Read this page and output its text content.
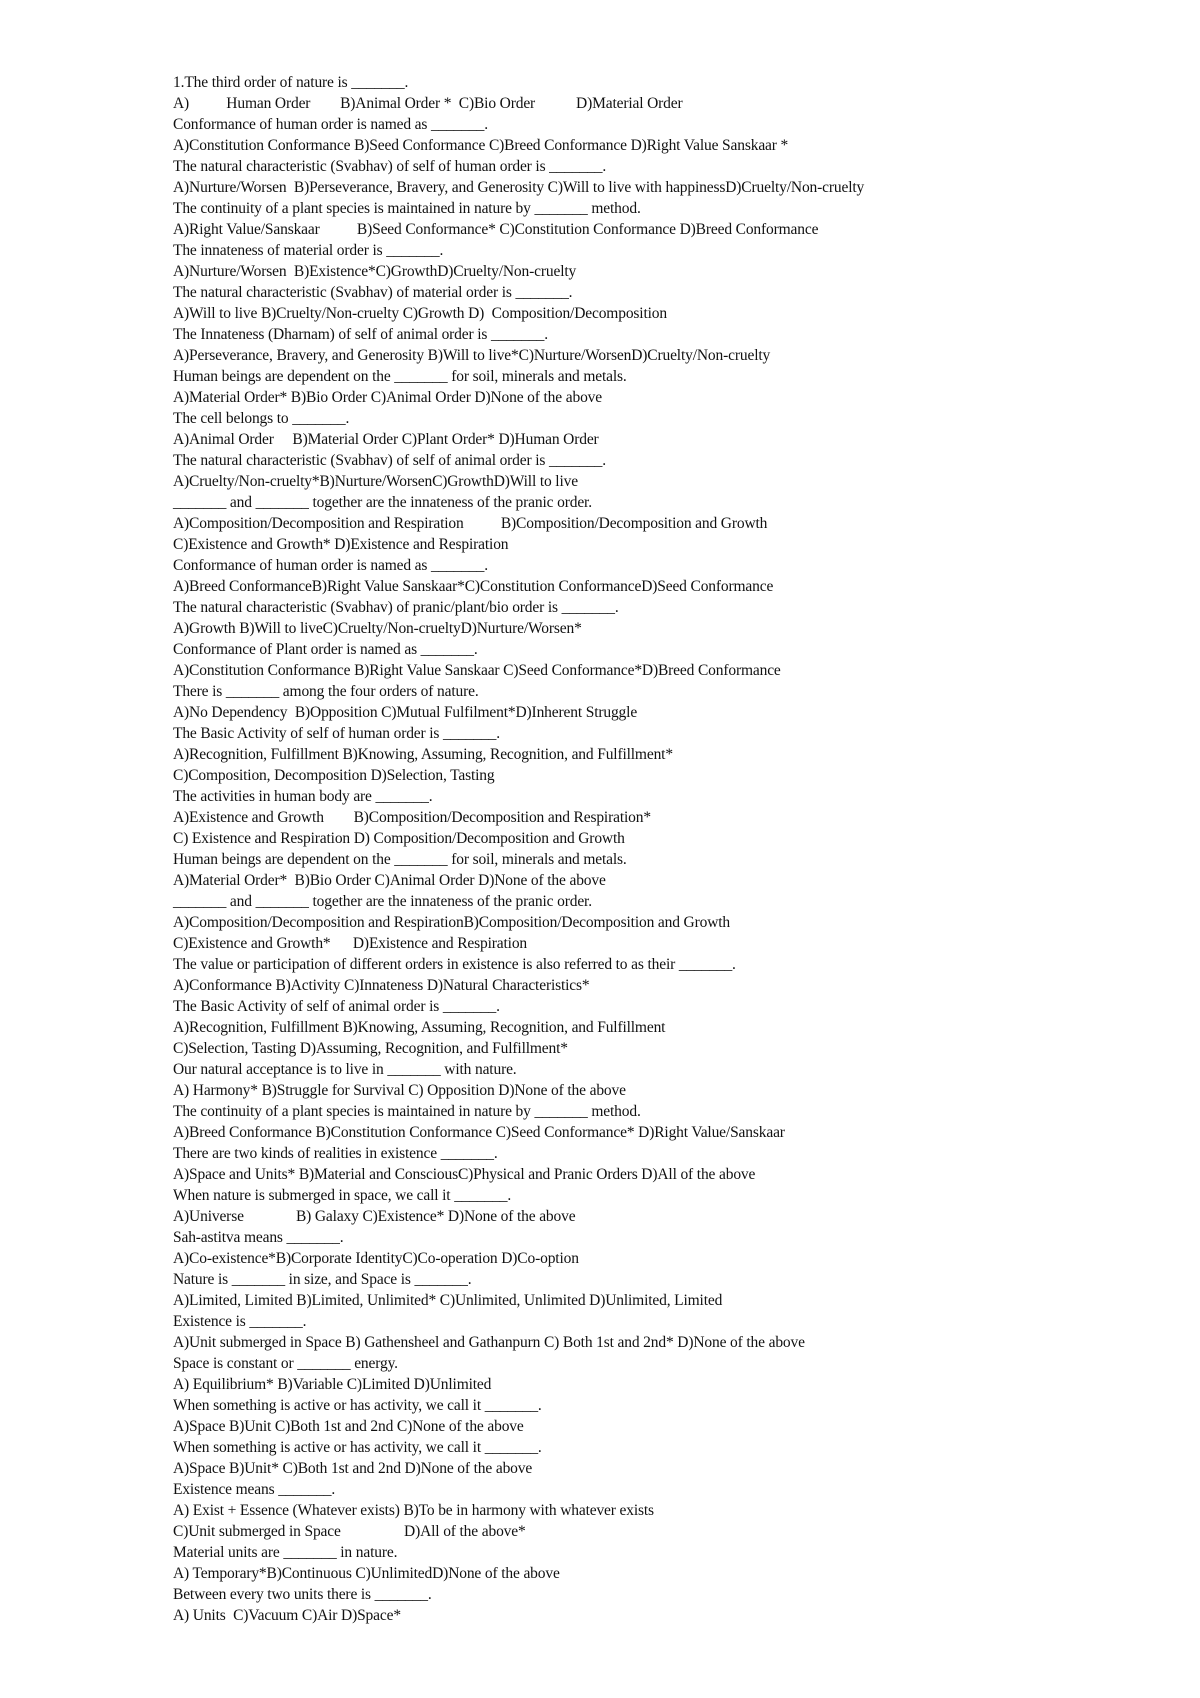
1.The third order of nature is _______.
A)          Human Order        B)Animal Order *  C)Bio Order           D)Material Order
Conformance of human order is named as _______.
A)Constitution Conformance B)Seed Conformance C)Breed Conformance D)Right Value Sanskaar *
The natural characteristic (Svabhav) of self of human order is _______.
A)Nurture/Worsen  B)Perseverance, Bravery, and Generosity C)Will to live with happinessD)Cruelty/Non-cruelty
The continuity of a plant species is maintained in nature by _______ method.
A)Right Value/Sanskaar          B)Seed Conformance* C)Constitution Conformance D)Breed Conformance
The innateness of material order is _______.
A)Nurture/Worsen  B)Existence*C)GrowthD)Cruelty/Non-cruelty
The natural characteristic (Svabhav) of material order is _______.
A)Will to live B)Cruelty/Non-cruelty C)Growth D)  Composition/Decomposition
The Innateness (Dharnam) of self of animal order is _______.
A)Perseverance, Bravery, and Generosity B)Will to live*C)Nurture/WorsenD)Cruelty/Non-cruelty
Human beings are dependent on the _______ for soil, minerals and metals.
A)Material Order* B)Bio Order C)Animal Order D)None of the above
The cell belongs to _______.
A)Animal Order     B)Material Order C)Plant Order* D)Human Order
The natural characteristic (Svabhav) of self of animal order is _______.
A)Cruelty/Non-cruelty*B)Nurture/WorsenC)GrowthD)Will to live
_______ and _______ together are the innateness of the pranic order.
A)Composition/Decomposition and Respiration          B)Composition/Decomposition and Growth
C)Existence and Growth* D)Existence and Respiration
Conformance of human order is named as _______.
A)Breed ConformanceB)Right Value Sanskaar*C)Constitution ConformanceD)Seed Conformance
The natural characteristic (Svabhav) of pranic/plant/bio order is _______.
A)Growth B)Will to liveC)Cruelty/Non-crueltyD)Nurture/Worsen*
Conformance of Plant order is named as _______.
A)Constitution Conformance B)Right Value Sanskaar C)Seed Conformance*D)Breed Conformance
There is _______ among the four orders of nature.
A)No Dependency  B)Opposition C)Mutual Fulfilment*D)Inherent Struggle
The Basic Activity of self of human order is _______.
A)Recognition, Fulfillment B)Knowing, Assuming, Recognition, and Fulfillment*
C)Composition, Decomposition D)Selection, Tasting
The activities in human body are _______.
A)Existence and Growth        B)Composition/Decomposition and Respiration*
C) Existence and Respiration D) Composition/Decomposition and Growth
Human beings are dependent on the _______ for soil, minerals and metals.
A)Material Order*  B)Bio Order C)Animal Order D)None of the above
_______ and _______ together are the innateness of the pranic order.
A)Composition/Decomposition and RespirationB)Composition/Decomposition and Growth
C)Existence and Growth*      D)Existence and Respiration
The value or participation of different orders in existence is also referred to as their _______.
A)Conformance B)Activity C)Innateness D)Natural Characteristics*
The Basic Activity of self of animal order is _______.
A)Recognition, Fulfillment B)Knowing, Assuming, Recognition, and Fulfillment
C)Selection, Tasting D)Assuming, Recognition, and Fulfillment*
Our natural acceptance is to live in _______ with nature.
A) Harmony* B)Struggle for Survival C) Opposition D)None of the above
The continuity of a plant species is maintained in nature by _______ method.
A)Breed Conformance B)Constitution Conformance C)Seed Conformance* D)Right Value/Sanskaar
There are two kinds of realities in existence _______.
A)Space and Units* B)Material and ConsciousC)Physical and Pranic Orders D)All of the above
When nature is submerged in space, we call it _______.
A)Universe              B) Galaxy C)Existence* D)None of the above
Sah-astitva means _______.
A)Co-existence*B)Corporate IdentityC)Co-operation D)Co-option
Nature is _______ in size, and Space is _______.
A)Limited, Limited B)Limited, Unlimited* C)Unlimited, Unlimited D)Unlimited, Limited
Existence is _______.
A)Unit submerged in Space B) Gathensheel and Gathanpurn C) Both 1st and 2nd* D)None of the above
Space is constant or _______ energy.
A) Equilibrium* B)Variable C)Limited D)Unlimited
When something is active or has activity, we call it _______.
A)Space B)Unit C)Both 1st and 2nd C)None of the above
When something is active or has activity, we call it _______.
A)Space B)Unit* C)Both 1st and 2nd D)None of the above
Existence means _______.
A) Exist + Essence (Whatever exists) B)To be in harmony with whatever exists
C)Unit submerged in Space                 D)All of the above*
Material units are _______ in nature.
A) Temporary*B)Continuous C)UnlimitedD)None of the above
Between every two units there is _______.
A) Units  C)Vacuum C)Air D)Space*
